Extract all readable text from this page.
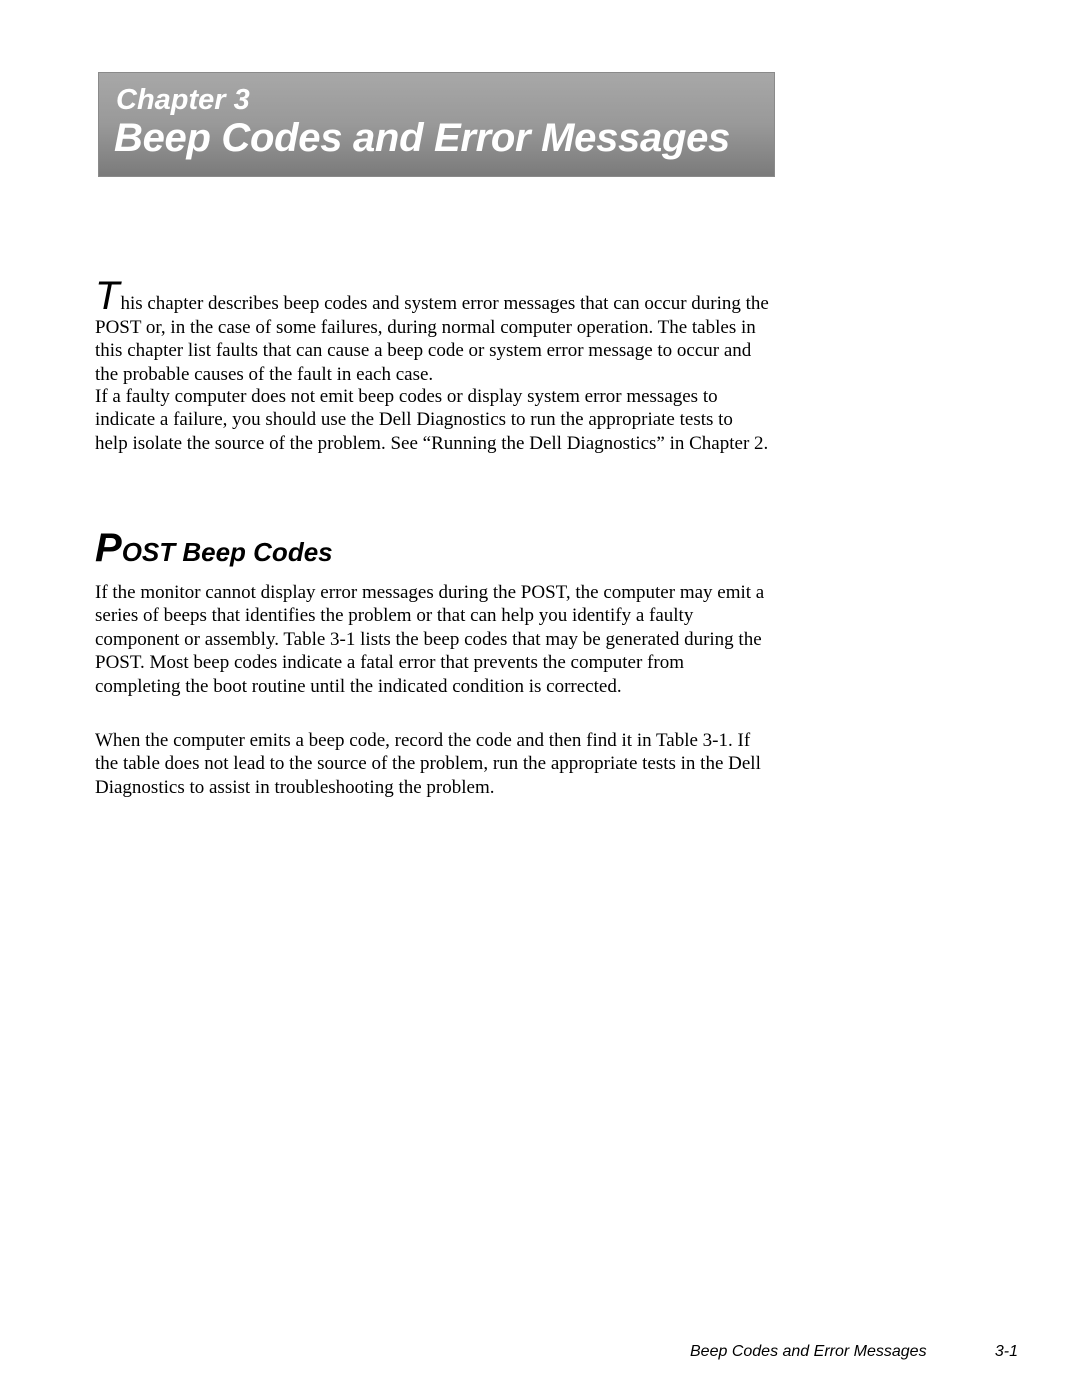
Chapter 3
Beep Codes and Error Messages

This chapter describes beep codes and system error messages that can occur during the POST or, in the case of some failures, during normal computer operation. The tables in this chapter list faults that can cause a beep code or system error message to occur and the probable causes of the fault in each case.

If a faulty computer does not emit beep codes or display system error messages to indicate a failure, you should use the Dell Diagnostics to run the appropriate tests to help isolate the source of the problem. See “Running the Dell Diagnostics” in Chapter 2.

POST Beep Codes

If the monitor cannot display error messages during the POST, the computer may emit a series of beeps that identifies the problem or that can help you identify a faulty component or assembly. Table 3-1 lists the beep codes that may be generated during the POST. Most beep codes indicate a fatal error that prevents the computer from completing the boot routine until the indicated condition is corrected.

When the computer emits a beep code, record the code and then find it in Table 3-1. If the table does not lead to the source of the problem, run the appropriate tests in the Dell Diagnostics to assist in troubleshooting the problem.

Beep Codes and Error Messages	3-1
